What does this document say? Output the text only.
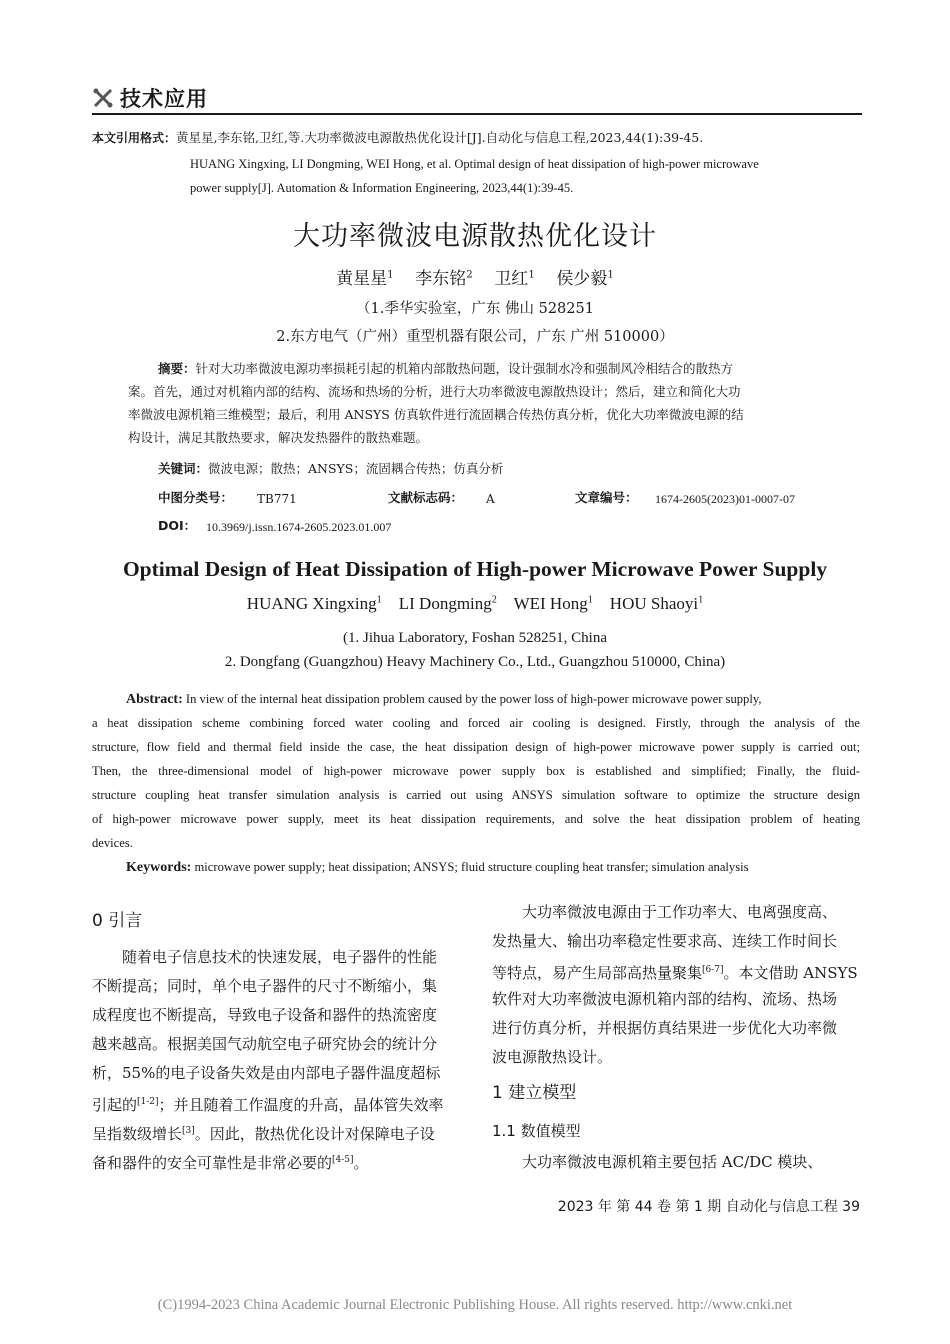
技术应用
本文引用格式：黄星星,李东铭,卫红,等.大功率微波电源散热优化设计[J].自动化与信息工程,2023,44(1):39-45.
HUANG Xingxing, LI Dongming, WEI Hong, et al. Optimal design of heat dissipation of high-power microwave
power supply[J]. Automation & Information Engineering, 2023,44(1):39-45.
大功率微波电源散热优化设计
黄星星$^1$ 李东铭$^2$ 卫红$^1$ 侯少毅$^1$
（1.季华实验室，广东 佛山 528251
2.东方电气（广州）重型机器有限公司，广东 广州 510000）
摘要：针对大功率微波电源功率损耗引起的机箱内部散热问题，设计强制水冷和强制风冷相结合的散热方
案。首先，通过对机箱内部的结构、流场和热场的分析，进行大功率微波电源散热设计；然后，建立和简化大功
率微波电源机箱三维模型；最后，利用 ANSYS 仿真软件进行流固耦合传热仿真分析，优化大功率微波电源的结
构设计，满足其散热要求，解决发热器件的散热难题。
关键词：微波电源；散热；ANSYS；流固耦合传热；仿真分析
中图分类号：	TB771	文献标志码：	A	文章编号：	1674-2605(2023)01-0007-07
DOI： 10.3969/j.issn.1674-2605.2023.01.007
Optimal Design of Heat Dissipation of High-power Microwave Power Supply
HUANG Xingxing$^1$ LI Dongming$^2$ WEI Hong$^1$ HOU Shaoyi$^1$
(1. Jihua Laboratory, Foshan 528251, China
2. Dongfang (Guangzhou) Heavy Machinery Co., Ltd., Guangzhou 510000, China)
Abstract: In view of the internal heat dissipation problem caused by the power loss of high-power microwave power supply,
a heat dissipation scheme combining forced water cooling and forced air cooling is designed. Firstly, through the analysis of the
structure, flow field and thermal field inside the case, the heat dissipation design of high-power microwave power supply is carried out;
Then, the three-dimensional model of high-power microwave power supply box is established and simplified; Finally, the fluid-
structure coupling heat transfer simulation analysis is carried out using ANSYS simulation software to optimize the structure design
of high-power microwave power supply, meet its heat dissipation requirements, and solve the heat dissipation problem of heating
devices.
Keywords: microwave power supply; heat dissipation; ANSYS; fluid structure coupling heat transfer; simulation analysis
0 引言
随着电子信息技术的快速发展，电子器件的性能
不断提高；同时，单个电子器件的尺寸不断缩小，集
成程度也不断提高，导致电子设备和器件的热流密度
越来越高。根据美国气动航空电子研究协会的统计分
析，55%的电子设备失效是由内部电子器件温度超标
引起的[1-2]；并且随着工作温度的升高，晶体管失效率
呈指数级增长[3]。因此，散热优化设计对保障电子设
备和器件的安全可靠性是非常必要的[4-5]。
大功率微波电源由于工作功率大、电离强度高、
发热量大、输出功率稳定性要求高、连续工作时间长
等特点，易产生局部高热量聚集[6-7]。本文借助 ANSYS
软件对大功率微波电源机箱内部的结构、流场、热场
进行仿真分析，并根据仿真结果进一步优化大功率微
波电源散热设计。
1 建立模型
1.1 数值模型
大功率微波电源机箱主要包括 AC/DC 模块、
2023 年 第 44 卷 第 1 期 自动化与信息工程 39
(C)1994-2023 China Academic Journal Electronic Publishing House. All rights reserved. http://www.cnki.net
